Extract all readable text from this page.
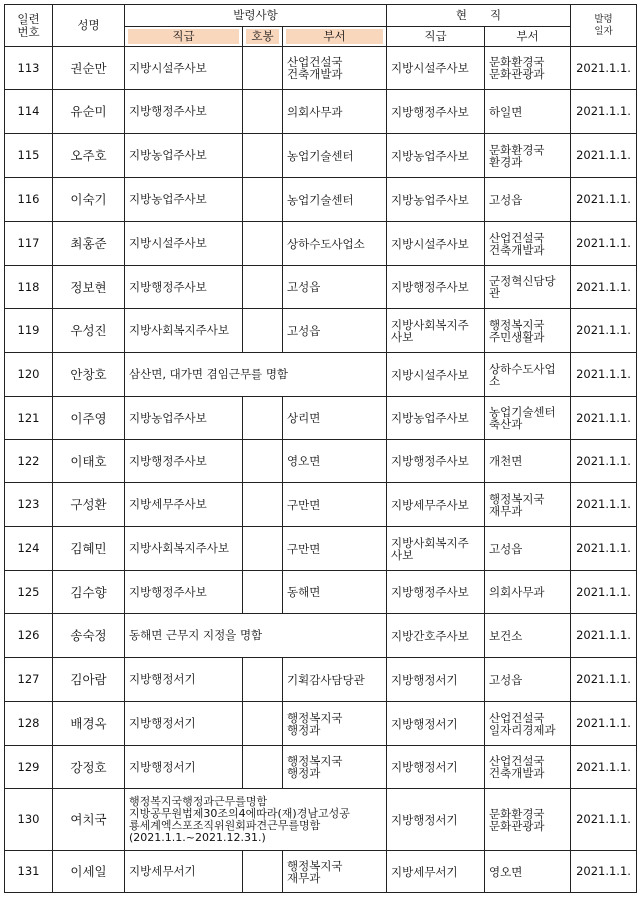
일련
번호	성명	발령사항			현　　직		발령
일자

		직급	호봉	부서	직급	부서	
113	권순만	지방시설주사보		산업건설국
건축개발과	지방시설주사보	문화환경국
문화관광과	2021.1.1.
114	유순미	지방행정주사보		의회사무과	지방행정주사보	하일면	2021.1.1.
115	오주호	지방농업주사보		농업기술센터	지방농업주사보	문화환경국
환경과	2021.1.1.
116	이숙기	지방농업주사보		농업기술센터	지방농업주사보	고성읍	2021.1.1.
117	최홍준	지방시설주사보		상하수도사업소	지방시설주사보	산업건설국
건축개발과	2021.1.1.
118	정보현	지방행정주사보		고성읍	지방행정주사보	군정혁신담당
관	2021.1.1.
119	우성진	지방사회복지주사보		고성읍	지방사회복지주
사보	행정복지국
주민생활과	2021.1.1.
120	안창호	삼산면, 대가면 겸임근무를 명함			지방시설주사보	상하수도사업
소	2021.1.1.
121	이주영	지방농업주사보		상리면	지방농업주사보	농업기술센터
축산과	2021.1.1.
122	이태호	지방행정주사보		영오면	지방행정주사보	개천면	2021.1.1.
123	구성환	지방세무주사보		구만면	지방세무주사보	행정복지국
재무과	2021.1.1.
124	김혜민	지방사회복지주사보		구만면	지방사회복지주
사보	고성읍	2021.1.1.
125	김수향	지방행정주사보		동해면	지방행정주사보	의회사무과	2021.1.1.
126	송숙정	동해면 근무지 지정을 명함			지방간호주사보	보건소	2021.1.1.
127	김아람	지방행정서기		기획감사담당관	지방행정서기	고성읍	2021.1.1.
128	배경옥	지방행정서기		행정복지국
행정과	지방행정서기	산업건설국
일자리경제과	2021.1.1.
129	강정호	지방행정서기		행정복지국
행정과	지방행정서기	산업건설국
건축개발과	2021.1.1.
130	여치국	행정복지국행정과근무를명함
지방공무원법제30조의4에따라(재)경남고성공
룡세계엑스포조직위원회파견근무를명함
(2021.1.1.~2021.12.31.)			지방행정서기	문화환경국
문화관광과	2021.1.1.
131	이세일	지방세무서기		행정복지국
재무과	지방세무서기	영오면	2021.1.1.
